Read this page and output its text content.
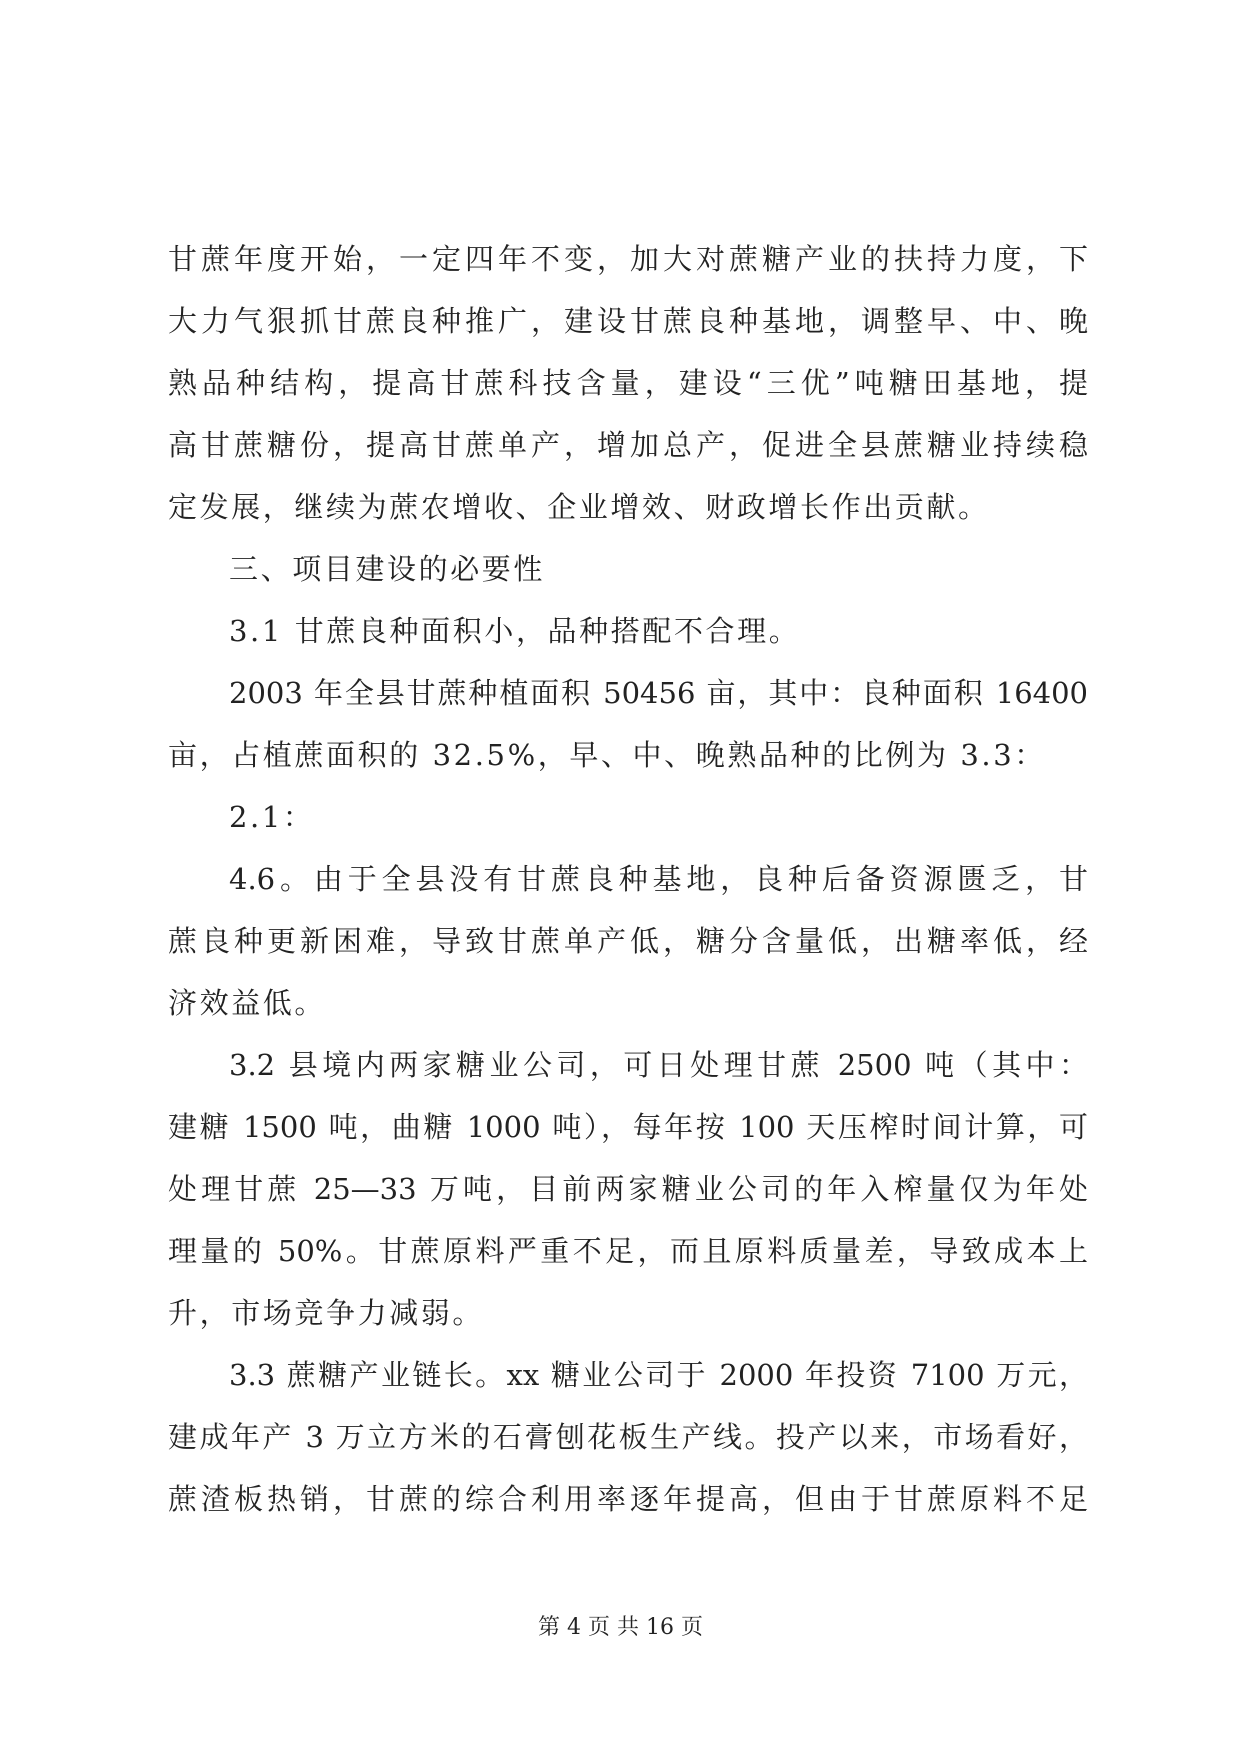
甘蔗年度开始，一定四年不变，加大对蔗糖产业的扶持力度，下
大力气狠抓甘蔗良种推广，建设甘蔗良种基地，调整早、中、晚
熟品种结构，提高甘蔗科技含量，建设“三优”吨糖田基地，提
高甘蔗糖份，提高甘蔗单产，增加总产，促进全县蔗糖业持续稳
定发展，继续为蔗农增收、企业增效、财政增长作出贡献。
三、项目建设的必要性
3.1 甘蔗良种面积小，品种搭配不合理。
2003 年全县甘蔗种植面积 50456 亩，其中：良种面积 16400
亩，占植蔗面积的 32.5%，早、中、晚熟品种的比例为 3.3：
2.1：
4.6。由于全县没有甘蔗良种基地，良种后备资源匮乏，甘
蔗良种更新困难，导致甘蔗单产低，糖分含量低，出糖率低，经
济效益低。
3.2 县境内两家糖业公司，可日处理甘蔗 2500 吨（其中：
建糖 1500 吨，曲糖 1000 吨），每年按 100 天压榨时间计算，可
处理甘蔗 25—33 万吨，目前两家糖业公司的年入榨量仅为年处
理量的 50%。甘蔗原料严重不足，而且原料质量差，导致成本上
升，市场竞争力减弱。
3.3 蔗糖产业链长。xx 糖业公司于 2000 年投资 7100 万元，
建成年产 3 万立方米的石膏刨花板生产线。投产以来，市场看好，
蔗渣板热销，甘蔗的综合利用率逐年提高，但由于甘蔗原料不足
第 4 页 共 16 页
